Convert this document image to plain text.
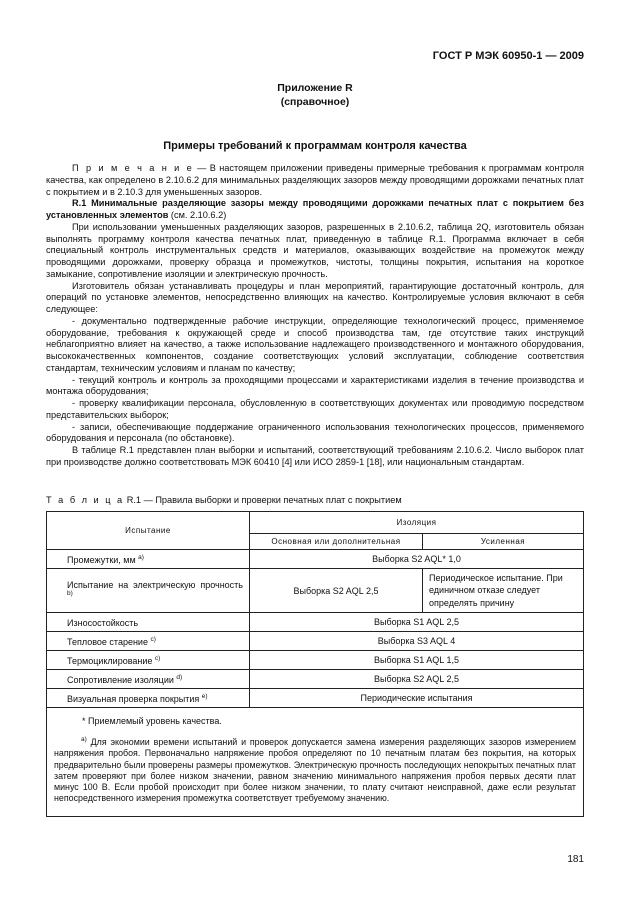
ГОСТ Р МЭК 60950-1 — 2009
Приложение R
(справочное)
Примеры требований к программам контроля качества

П р и м е ч а н и е — В настоящем приложении приведены примерные требования к программам контроля качества, как определено в 2.10.6.2 для минимальных разделяющих зазоров между проводящими дорожками печатных плат с покрытием и в 2.10.3 для уменьшенных зазоров.

R.1 Минимальные разделяющие зазоры между проводящими дорожками печатных плат с покрытием без установленных элементов (см. 2.10.6.2)

При использовании уменьшенных разделяющих зазоров, разрешенных в 2.10.6.2, таблица 2Q, изготовитель обязан выполнять программу контроля качества печатных плат, приведенную в таблице R.1. Программа включает в себя специальный контроль инструментальных средств и материалов, оказывающих воздействие на промежуток между проводящими дорожками, проверку образца и промежутков, чистоты, толщины покрытия, испытания на короткое замыкание, сопротивление изоляции и электрическую прочность.

Изготовитель обязан устанавливать процедуры и план мероприятий, гарантирующие достаточный контроль, для операций по установке элементов, непосредственно влияющих на качество. Контролируемые условия включают в себя следующее:

- документально подтвержденные рабочие инструкции, определяющие технологический процесс, применяемое оборудование, требования к окружающей среде и способ производства там, где отсутствие таких инструкций неблагоприятно влияет на качество, а также использование надлежащего производственного и монтажного оборудования, высококачественных компонентов, создание соответствующих условий эксплуатации, соблюдение соответствия стандартам, техническим условиям и планам по качеству;

- текущий контроль и контроль за проходящими процессами и характеристиками изделия в течение производства и монтажа оборудования;

- проверку квалификации персонала, обусловленную в соответствующих документах или проводимую посредством представительских выборок;

- записи, обеспечивающие поддержание ограниченного использования технологических процессов, применяемого оборудования и персонала (по обстановке).

В таблице R.1 представлен план выборки и испытаний, соответствующий требованиям 2.10.6.2. Число выборок плат при производстве должно соответствовать МЭК 60410 [4] или ИСО 2859-1 [18], или национальным стандартам.

Т а б л и ц а R.1 — Правила выборки и проверки печатных плат с покрытием
Испытание	Изоляция	
	Основная или дополнительная	Усиленная
Промежутки, мм $^{a)}$	Выборка S2 AQL* 1,0	
Испытание на электрическую прочность $^{b)}$	Выборка S2 AQL 2,5	Периодическое испытание. При единичном отказе следует определять причину
Износостойкость	Выборка S1 AQL 2,5	
Тепловое старение $^{c)}$	Выборка S3 AQL 4	
Термоциклирование $^{c)}$	Выборка S1 AQL 1,5	
Сопротивление изоляции $^{d)}$	Выборка S2 AQL 2,5	
Визуальная проверка покрытия $^{e)}$	Периодические испытания	
* Приемлемый уровень качества.

$^{a)}$ Для экономии времени испытаний и проверок допускается замена измерения разделяющих зазоров измерением напряжения пробоя. Первоначально напряжение пробоя определяют по 10 печатным платам без покрытия, на которых предварительно были проверены размеры промежутков. Электрическую прочность последующих непокрытых печатных плат затем проверяют при более низком значении, равном значению минимального напряжения пробоя первых десяти плат минус 100 В. Если пробой происходит при более низком значении, то плату считают неисправной, даже если результат непосредственного измерения промежутка соответствует требуемому значению.

181
